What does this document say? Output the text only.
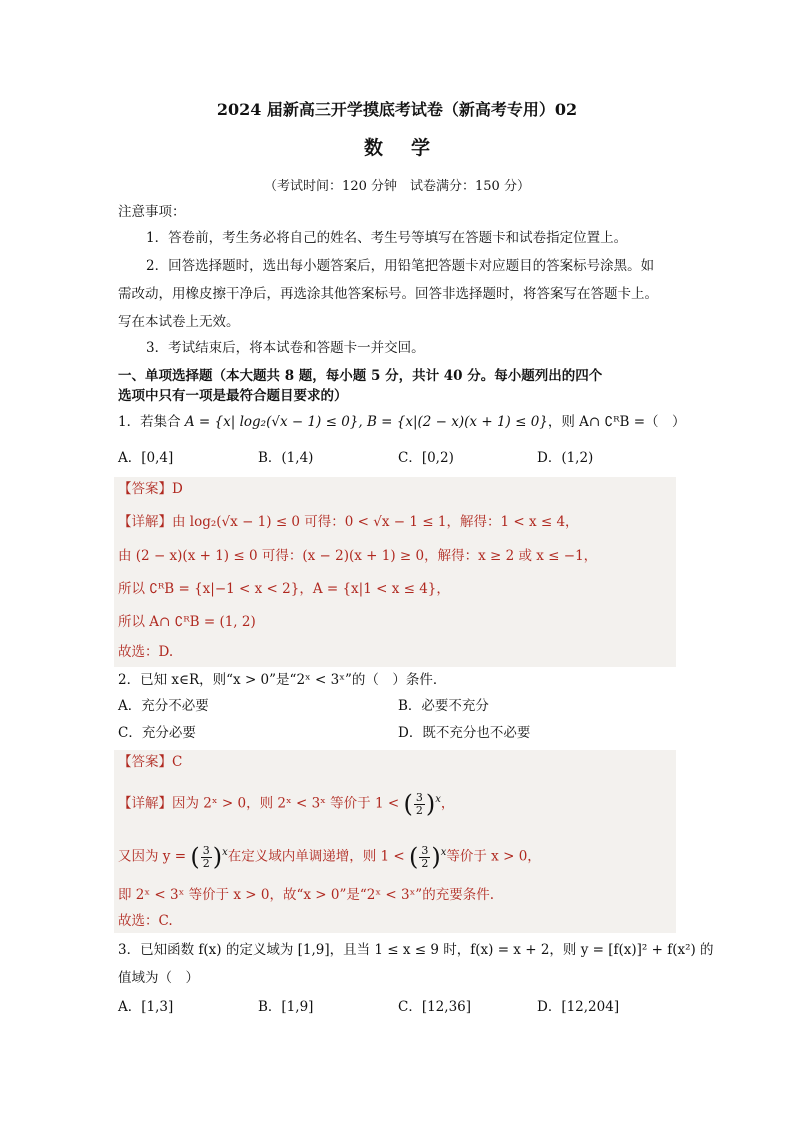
2024 届新高三开学摸底考试卷（新高考专用）02
数学
（考试时间：120 分钟　试卷满分：150 分）
注意事项：
1．答卷前，考生务必将自己的姓名、考生号等填写在答题卡和试卷指定位置上。
2．回答选择题时，选出每小题答案后，用铅笔把答题卡对应题目的答案标号涂黑。如
需改动，用橡皮擦干净后，再选涂其他答案标号。回答非选择题时，将答案写在答题卡上。
写在本试卷上无效。
3．考试结束后，将本试卷和答题卡一并交回。
一、单项选择题（本大题共 8 题，每小题 5 分，共计 40 分。每小题列出的四个
选项中只有一项是最符合题目要求的）
1．若集合 A = {x| log₂(√x − 1) ≤ 0}, B = {x|(2 − x)(x + 1) ≤ 0}，则 A∩ ∁ᴿB =（　）
A．[0,4]	B．(1,4)	C．[0,2)	D．(1,2)
【答案】D
【详解】由 log₂(√x − 1) ≤ 0 可得：0 < √x − 1 ≤ 1，解得：1 < x ≤ 4，
由 (2 − x)(x + 1) ≤ 0 可得：(x − 2)(x + 1) ≥ 0，解得：x ≥ 2 或 x ≤ −1，
所以 ∁ᴿB = {x|−1 < x < 2}，A = {x|1 < x ≤ 4}，
所以 A∩ ∁ᴿB = (1, 2)
故选：D.
2．已知 x∈R，则“x > 0”是“2ˣ < 3ˣ”的（　）条件．
A．充分不必要	B．必要不充分
C．充分必要	D．既不充分也不必要
【答案】C
【详解】因为 2ˣ > 0，则 2ˣ < 3ˣ 等价于 1 < ( $\frac{3}{2} )^x$，
又因为 y = ( $\frac{3}{2} )^x$在定义域内单调递增，则 1 < ( $\frac{3}{2} )^x$等价于 x > 0，
即 2ˣ < 3ˣ 等价于 x > 0，故“x > 0”是“2ˣ < 3ˣ”的充要条件.
故选：C.
3．已知函数 f(x) 的定义域为 [1,9]，且当 1 ≤ x ≤ 9 时，f(x) = x + 2，则 y = [f(x)]² + f(x²) 的
值域为（　）
A．[1,3]	B．[1,9]	C．[12,36]	D．[12,204]
